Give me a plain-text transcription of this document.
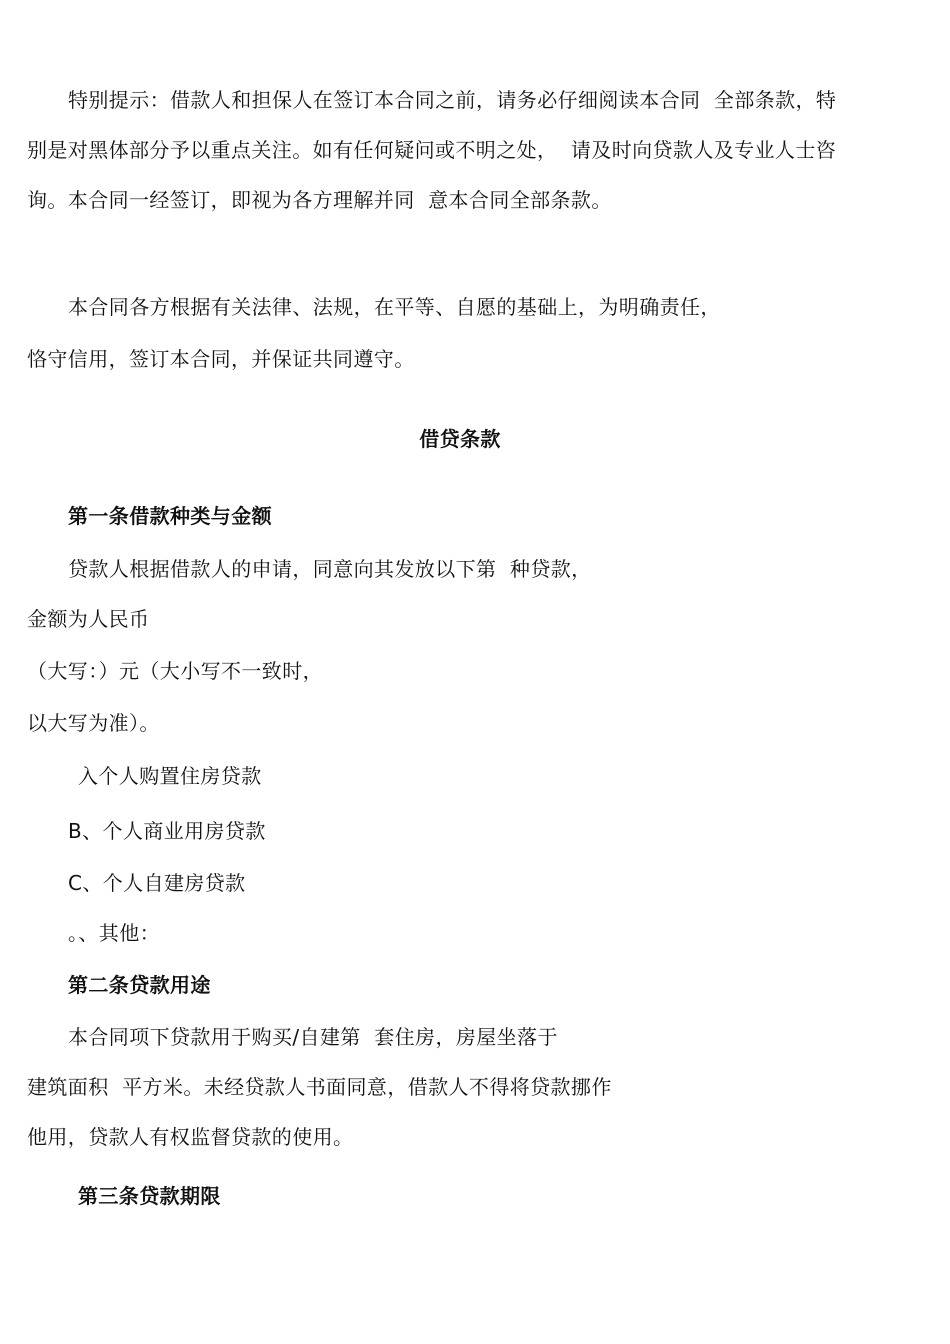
特别提示：借款人和担保人在签订本合同之前，请务必仔细阅读本合同  全部条款，特
别是对黑体部分予以重点关注。如有任何疑问或不明之处，  请及时向贷款人及专业人士咨
询。本合同一经签订，即视为各方理解并同  意本合同全部条款。
本合同各方根据有关法律、法规，在平等、自愿的基础上，为明确责任，
恪守信用，签订本合同，并保证共同遵守。
借贷条款
第一条借款种类与金额
贷款人根据借款人的申请，同意向其发放以下第  种贷款，
金额为人民币
（大写：）元（大小写不一致时，
以大写为准）。
入个人购置住房贷款
B、个人商业用房贷款
C、个人自建房贷款
。、其他：
第二条贷款用途
本合同项下贷款用于购买/自建第  套住房，房屋坐落于
建筑面积  平方米。未经贷款人书面同意，借款人不得将贷款挪作
他用，贷款人有权监督贷款的使用。
第三条贷款期限
